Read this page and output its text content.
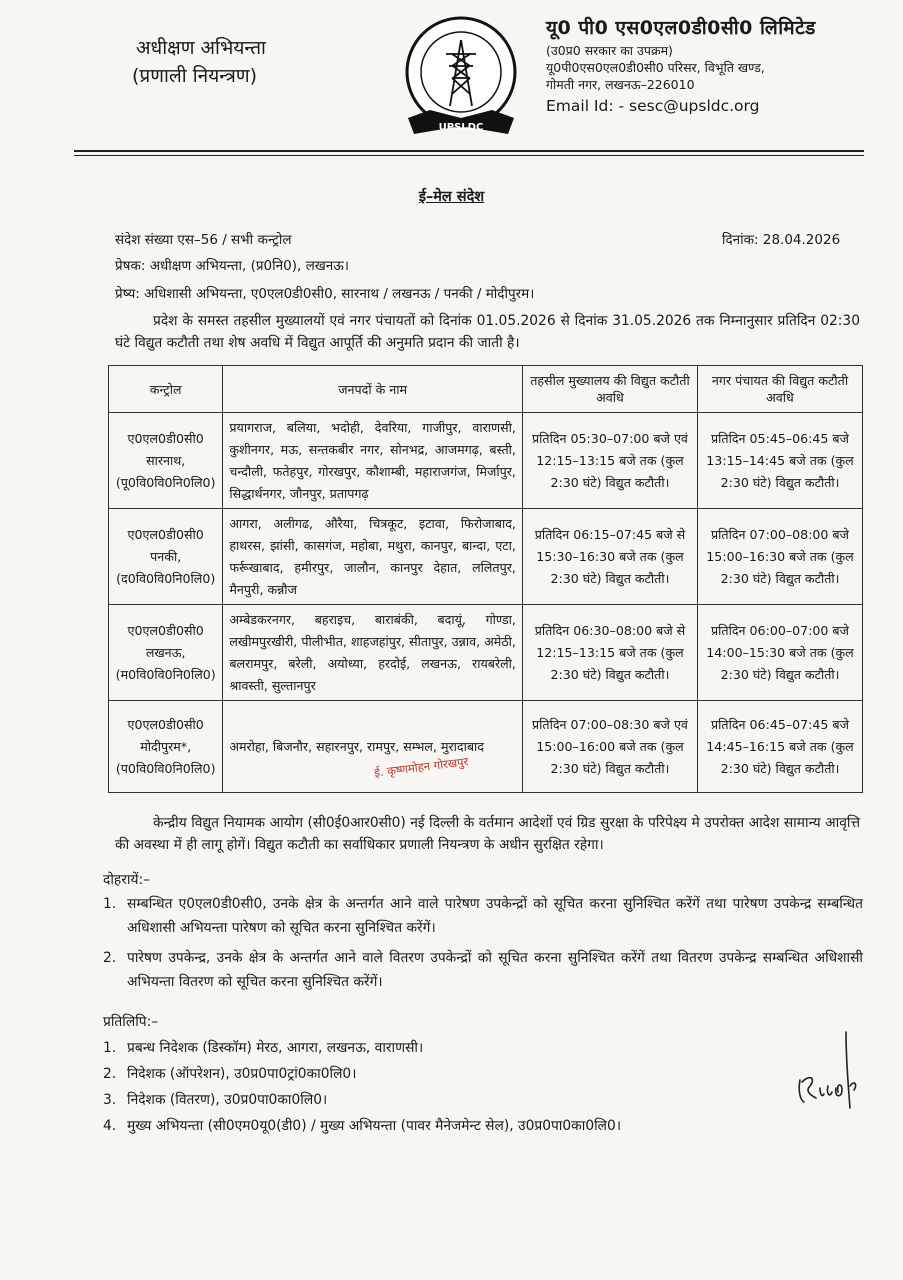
अधीक्षण अभियन्ता
(प्रणाली नियन्त्रण)
UPSLDC
यू0 पी0 एस0एल0डी0सी0 लिमिटेड
(उ0प्र0 सरकार का उपक्रम)
यू0पी0एस0एल0डी0सी0 परिसर, विभूति खण्ड,
गोमती नगर, लखनऊ–226010
Email Id: - sesc@upsldc.org
ई–मेल संदेश
संदेश संख्या एस–56 / सभी कन्ट्रोल	दिनांक: 28.04.2026
प्रेषक: अधीक्षण अभियन्ता, (प्र0नि0), लखनऊ।
प्रेष्य: अधिशासी अभियन्ता, ए0एल0डी0सी0, सारनाथ / लखनऊ / पनकी / मोदीपुरम।
प्रदेश के समस्त तहसील मुख्यालयों एवं नगर पंचायतों को दिनांक 01.05.2026 से दिनांक 31.05.2026 तक निम्नानुसार प्रतिदिन 02:30 घंटे विद्युत कटौती तथा शेष अवधि में विद्युत आपूर्ति की अनुमति प्रदान की जाती है।
कन्ट्रोल	जनपदों के नाम	तहसील मुख्यालय की विद्युत कटौती अवधि	नगर पंचायत की विद्युत कटौती अवधि
ए0एल0डी0सी0 सारनाथ, (पू0वि0वि0नि0लि0)	प्रयागराज, बलिया, भदोही, देवरिया, गाजीपुर, वाराणसी, कुशीनगर, मऊ, सन्तकबीर नगर, सोनभद्र, आजमगढ़, बस्ती, चन्दौली, फतेहपुर, गोरखपुर, कौशाम्बी, महाराजगंज, मिर्जापुर, सिद्धार्थनगर, जौनपुर, प्रतापगढ़	प्रतिदिन 05:30–07:00 बजे एवं 12:15–13:15 बजे तक (कुल 2:30 घंटे) विद्युत कटौती।	प्रतिदिन 05:45–06:45 बजे 13:15–14:45 बजे तक (कुल 2:30 घंटे) विद्युत कटौती।
ए0एल0डी0सी0 पनकी, (द0वि0वि0नि0लि0)	आगरा, अलीगढ, औरैया, चित्रकूट, इटावा, फिरोजाबाद, हाथरस, झांसी, कासगंज, महोबा, मथुरा, कानपुर, बान्दा, एटा, फर्रूखाबाद, हमीरपुर, जालौन, कानपुर देहात, ललितपुर, मैनपुरी, कन्नौज	प्रतिदिन 06:15–07:45 बजे से 15:30–16:30 बजे तक (कुल 2:30 घंटे) विद्युत कटौती।	प्रतिदिन 07:00–08:00 बजे 15:00–16:30 बजे तक (कुल 2:30 घंटे) विद्युत कटौती।
ए0एल0डी0सी0 लखनऊ, (म0वि0वि0नि0लि0)	अम्बेडकरनगर, बहराइच, बाराबंकी, बदायूं, गोण्डा, लखीमपुरखीरी, पीलीभीत, शाहजहांपुर, सीतापुर, उन्नाव, अमेठी, बलरामपुर, बरेली, अयोध्या, हरदोई, लखनऊ, रायबरेली, श्रावस्ती, सुल्तानपुर	प्रतिदिन 06:30–08:00 बजे से 12:15–13:15 बजे तक (कुल 2:30 घंटे) विद्युत कटौती।	प्रतिदिन 06:00–07:00 बजे 14:00–15:30 बजे तक (कुल 2:30 घंटे) विद्युत कटौती।
ए0एल0डी0सी0 मोदीपुरम*, (प0वि0वि0नि0लि0)	अमरोहा, बिजनौर, सहारनपुर, रामपुर, सम्भल, मुरादाबाद	प्रतिदिन 07:00–08:30 बजे एवं 15:00–16:00 बजे तक (कुल 2:30 घंटे) विद्युत कटौती।	प्रतिदिन 06:45–07:45 बजे 14:45–16:15 बजे तक (कुल 2:30 घंटे) विद्युत कटौती।
ई. कृष्णमोहन गोरखपुर
केन्द्रीय विद्युत नियामक आयोग (सी0ई0आर0सी0) नई दिल्ली के वर्तमान आदेशों एवं ग्रिड सुरक्षा के परिपेक्ष्य मे उपरोक्त आदेश सामान्य आवृत्ति की अवस्था में ही लागू होगें। विद्युत कटौती का सर्वाधिकार प्रणाली नियन्त्रण के अधीन सुरक्षित रहेगा।
दोहरायें:–
1. सम्बन्धित ए0एल0डी0सी0, उनके क्षेत्र के अन्तर्गत आने वाले पारेषण उपकेन्द्रों को सूचित करना सुनिश्चित करेंगें तथा पारेषण उपकेन्द्र सम्बन्धित अधिशासी अभियन्ता पारेषण को सूचित करना सुनिश्चित करेंगें।
2. पारेषण उपकेन्द्र, उनके क्षेत्र के अन्तर्गत आने वाले वितरण उपकेन्द्रों को सूचित करना सुनिश्चित करेंगें तथा वितरण उपकेन्द्र सम्बन्धित अधिशासी अभियन्ता वितरण को सूचित करना सुनिश्चित करेंगें।
प्रतिलिपि:–
1. प्रबन्ध निदेशक (डिस्कॉम) मेरठ, आगरा, लखनऊ, वाराणसी।
2. निदेशक (ऑपरेशन), उ0प्र0पा0ट्रां0का0लि0।
3. निदेशक (वितरण), उ0प्र0पा0का0लि0।
4. मुख्य अभियन्ता (सी0एम0यू0(डी0) / मुख्य अभियन्ता (पावर मैनेजमेन्ट सेल), उ0प्र0पा0का0लि0।
